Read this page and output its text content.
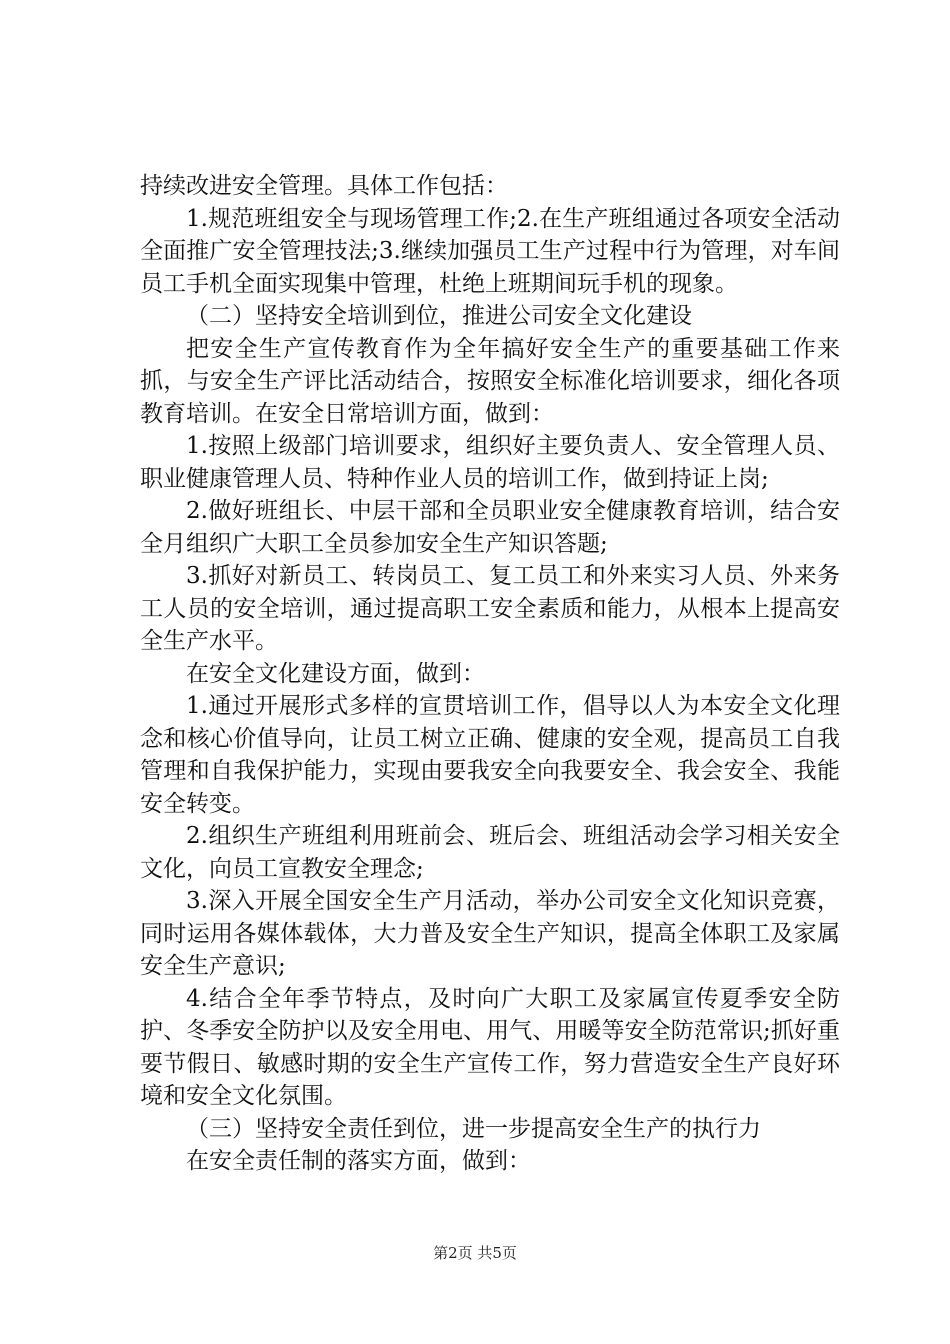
持续改进安全管理。具体工作包括：

1.规范班组安全与现场管理工作;2.在生产班组通过各项安全活动全面推广安全管理技法;3.继续加强员工生产过程中行为管理，对车间员工手机全面实现集中管理，杜绝上班期间玩手机的现象。

（二）坚持安全培训到位，推进公司安全文化建设

把安全生产宣传教育作为全年搞好安全生产的重要基础工作来抓，与安全生产评比活动结合，按照安全标准化培训要求，细化各项教育培训。在安全日常培训方面，做到：

1.按照上级部门培训要求，组织好主要负责人、安全管理人员、职业健康管理人员、特种作业人员的培训工作，做到持证上岗;

2.做好班组长、中层干部和全员职业安全健康教育培训，结合安全月组织广大职工全员参加安全生产知识答题;

3.抓好对新员工、转岗员工、复工员工和外来实习人员、外来务工人员的安全培训，通过提高职工安全素质和能力，从根本上提高安全生产水平。

在安全文化建设方面，做到：

1.通过开展形式多样的宣贯培训工作，倡导以人为本安全文化理念和核心价值导向，让员工树立正确、健康的安全观，提高员工自我管理和自我保护能力，实现由要我安全向我要安全、我会安全、我能安全转变。

2.组织生产班组利用班前会、班后会、班组活动会学习相关安全文化，向员工宣教安全理念;

3.深入开展全国安全生产月活动，举办公司安全文化知识竞赛，同时运用各媒体载体，大力普及安全生产知识，提高全体职工及家属安全生产意识;

4.结合全年季节特点，及时向广大职工及家属宣传夏季安全防护、冬季安全防护以及安全用电、用气、用暖等安全防范常识;抓好重要节假日、敏感时期的安全生产宣传工作，努力营造安全生产良好环境和安全文化氛围。

（三）坚持安全责任到位，进一步提高安全生产的执行力

在安全责任制的落实方面，做到：

第2页 共5页
